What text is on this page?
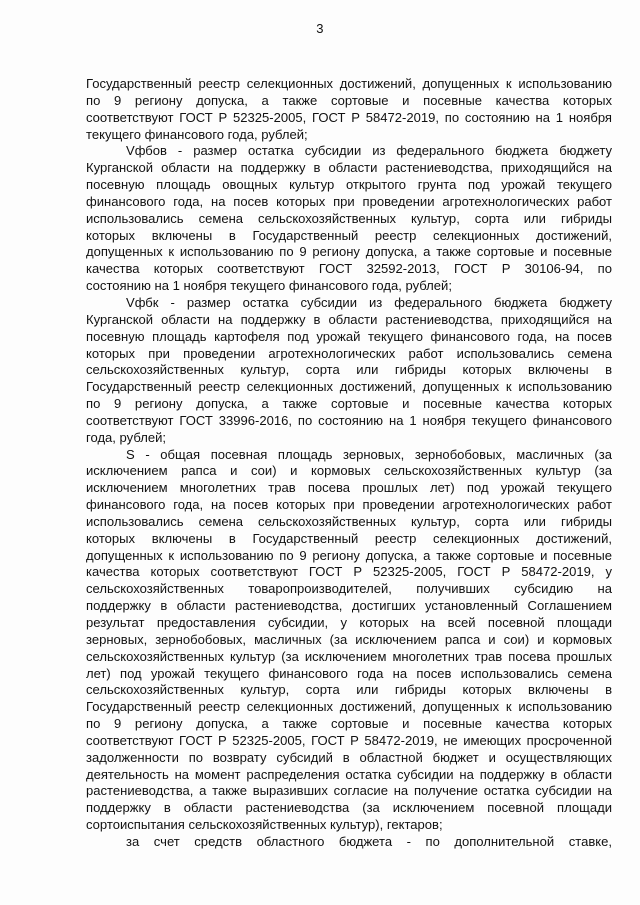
3

Государственный реестр селекционных достижений, допущенных к использованию

по 9 региону допуска, а также сортовые и посевные качества которых

соответствуют ГОСТ Р 52325-2005, ГОСТ Р 58472-2019, по состоянию на 1 ноября

текущего финансового года, рублей;

Vфбов - размер остатка субсидии из федерального бюджета бюджету

Курганской области на поддержку в области растениеводства, приходящийся на

посевную площадь овощных культур открытого грунта под урожай текущего

финансового года, на посев которых при проведении агротехнологических работ

использовались семена сельскохозяйственных культур, сорта или гибриды

которых включены в Государственный реестр селекционных достижений,

допущенных к использованию по 9 региону допуска, а также сортовые и посевные

качества которых соответствуют ГОСТ 32592-2013, ГОСТ Р 30106-94, по

состоянию на 1 ноября текущего финансового года, рублей;

Vфбк - размер остатка субсидии из федерального бюджета бюджету

Курганской области на поддержку в области растениеводства, приходящийся на

посевную площадь картофеля под урожай текущего финансового года, на посев

которых при проведении агротехнологических работ использовались семена

сельскохозяйственных культур, сорта или гибриды которых включены в

Государственный реестр селекционных достижений, допущенных к использованию

по 9 региону допуска, а также сортовые и посевные качества которых

соответствуют ГОСТ 33996-2016, по состоянию на 1 ноября текущего финансового

года, рублей;

S - общая посевная площадь зерновых, зернобобовых, масличных (за

исключением рапса и сои) и кормовых сельскохозяйственных культур (за

исключением многолетних трав посева прошлых лет) под урожай текущего

финансового года, на посев которых при проведении агротехнологических работ

использовались семена сельскохозяйственных культур, сорта или гибриды

которых включены в Государственный реестр селекционных достижений,

допущенных к использованию по 9 региону допуска, а также сортовые и посевные

качества которых соответствуют ГОСТ Р 52325-2005, ГОСТ Р 58472-2019, у

сельскохозяйственных товаропроизводителей, получивших субсидию на

поддержку в области растениеводства, достигших установленный Соглашением

результат предоставления субсидии, у которых на всей посевной площади

зерновых, зернобобовых, масличных (за исключением рапса и сои) и кормовых

сельскохозяйственных культур (за исключением многолетних трав посева прошлых

лет) под урожай текущего финансового года на посев использовались семена

сельскохозяйственных культур, сорта или гибриды которых включены в

Государственный реестр селекционных достижений, допущенных к использованию

по 9 региону допуска, а также сортовые и посевные качества которых

соответствуют ГОСТ Р 52325-2005, ГОСТ Р 58472-2019, не имеющих просроченной

задолженности по возврату субсидий в областной бюджет и осуществляющих

деятельность на момент распределения остатка субсидии на поддержку в области

растениеводства, а также выразивших согласие на получение остатка субсидии на

поддержку в области растениеводства (за исключением посевной площади

сортоиспытания сельскохозяйственных культур), гектаров;

за счет средств областного бюджета - по дополнительной ставке,
